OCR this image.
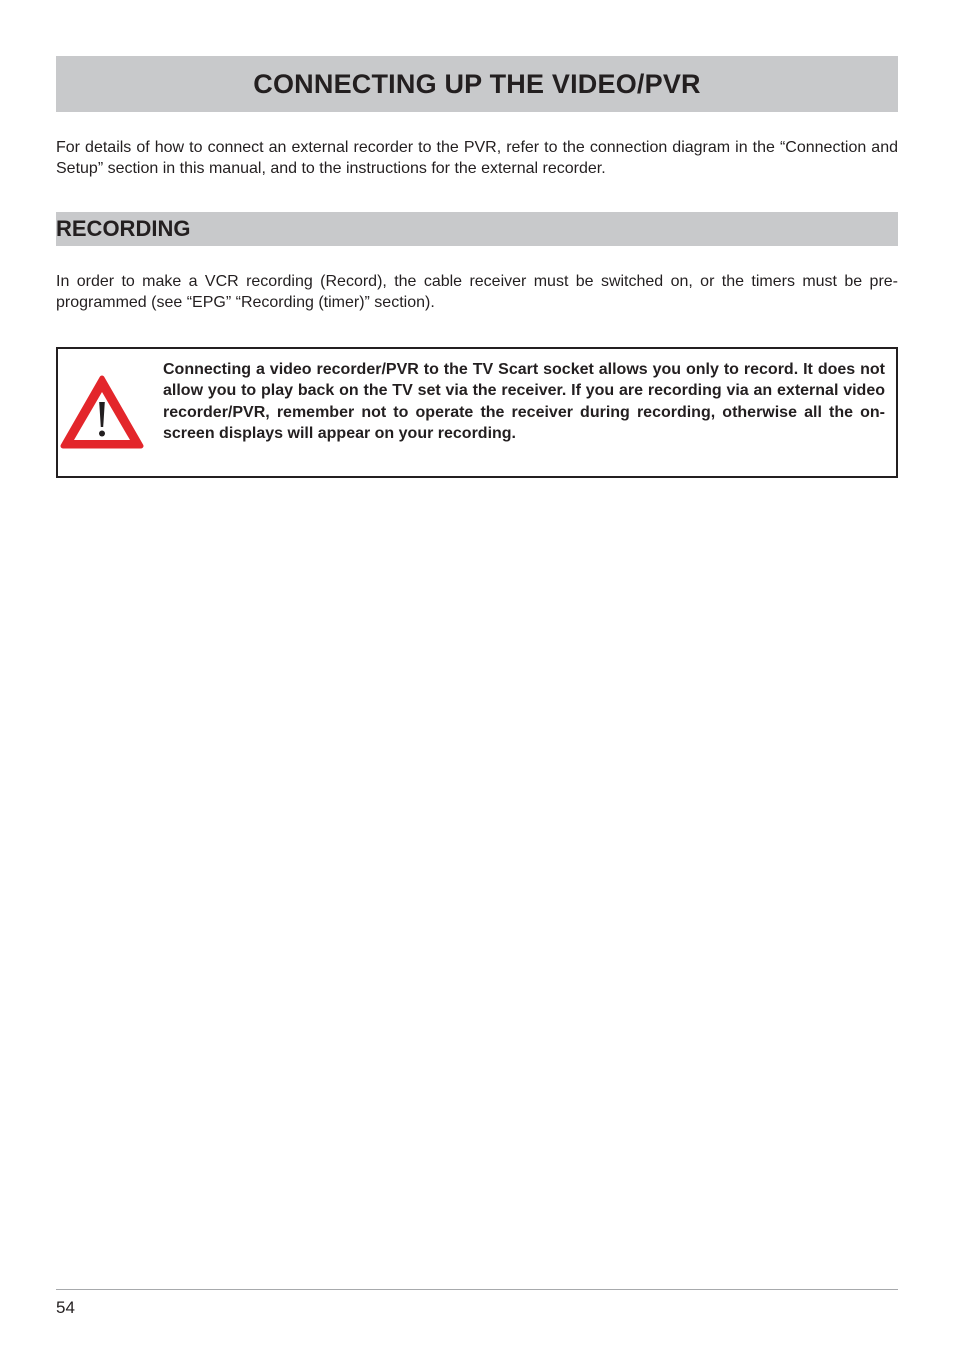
CONNECTING UP THE VIDEO/PVR

For details of how to connect an external recorder to the PVR, refer to the connection diagram in the “Connection and Setup” section in this manual, and to the instructions for the external recorder.

RECORDING

In order to make a VCR recording (Record), the cable receiver must be switched on, or the timers must be pre-programmed (see “EPG” “Recording (timer)” section).

Connecting a video recorder/PVR to the TV Scart socket allows you only to record. It does not allow you to play back on the TV set via the receiver. If you are recording via an external video recorder/PVR, remember not to operate the receiver during recording, otherwise all the on-screen displays will appear on your recording.

54
